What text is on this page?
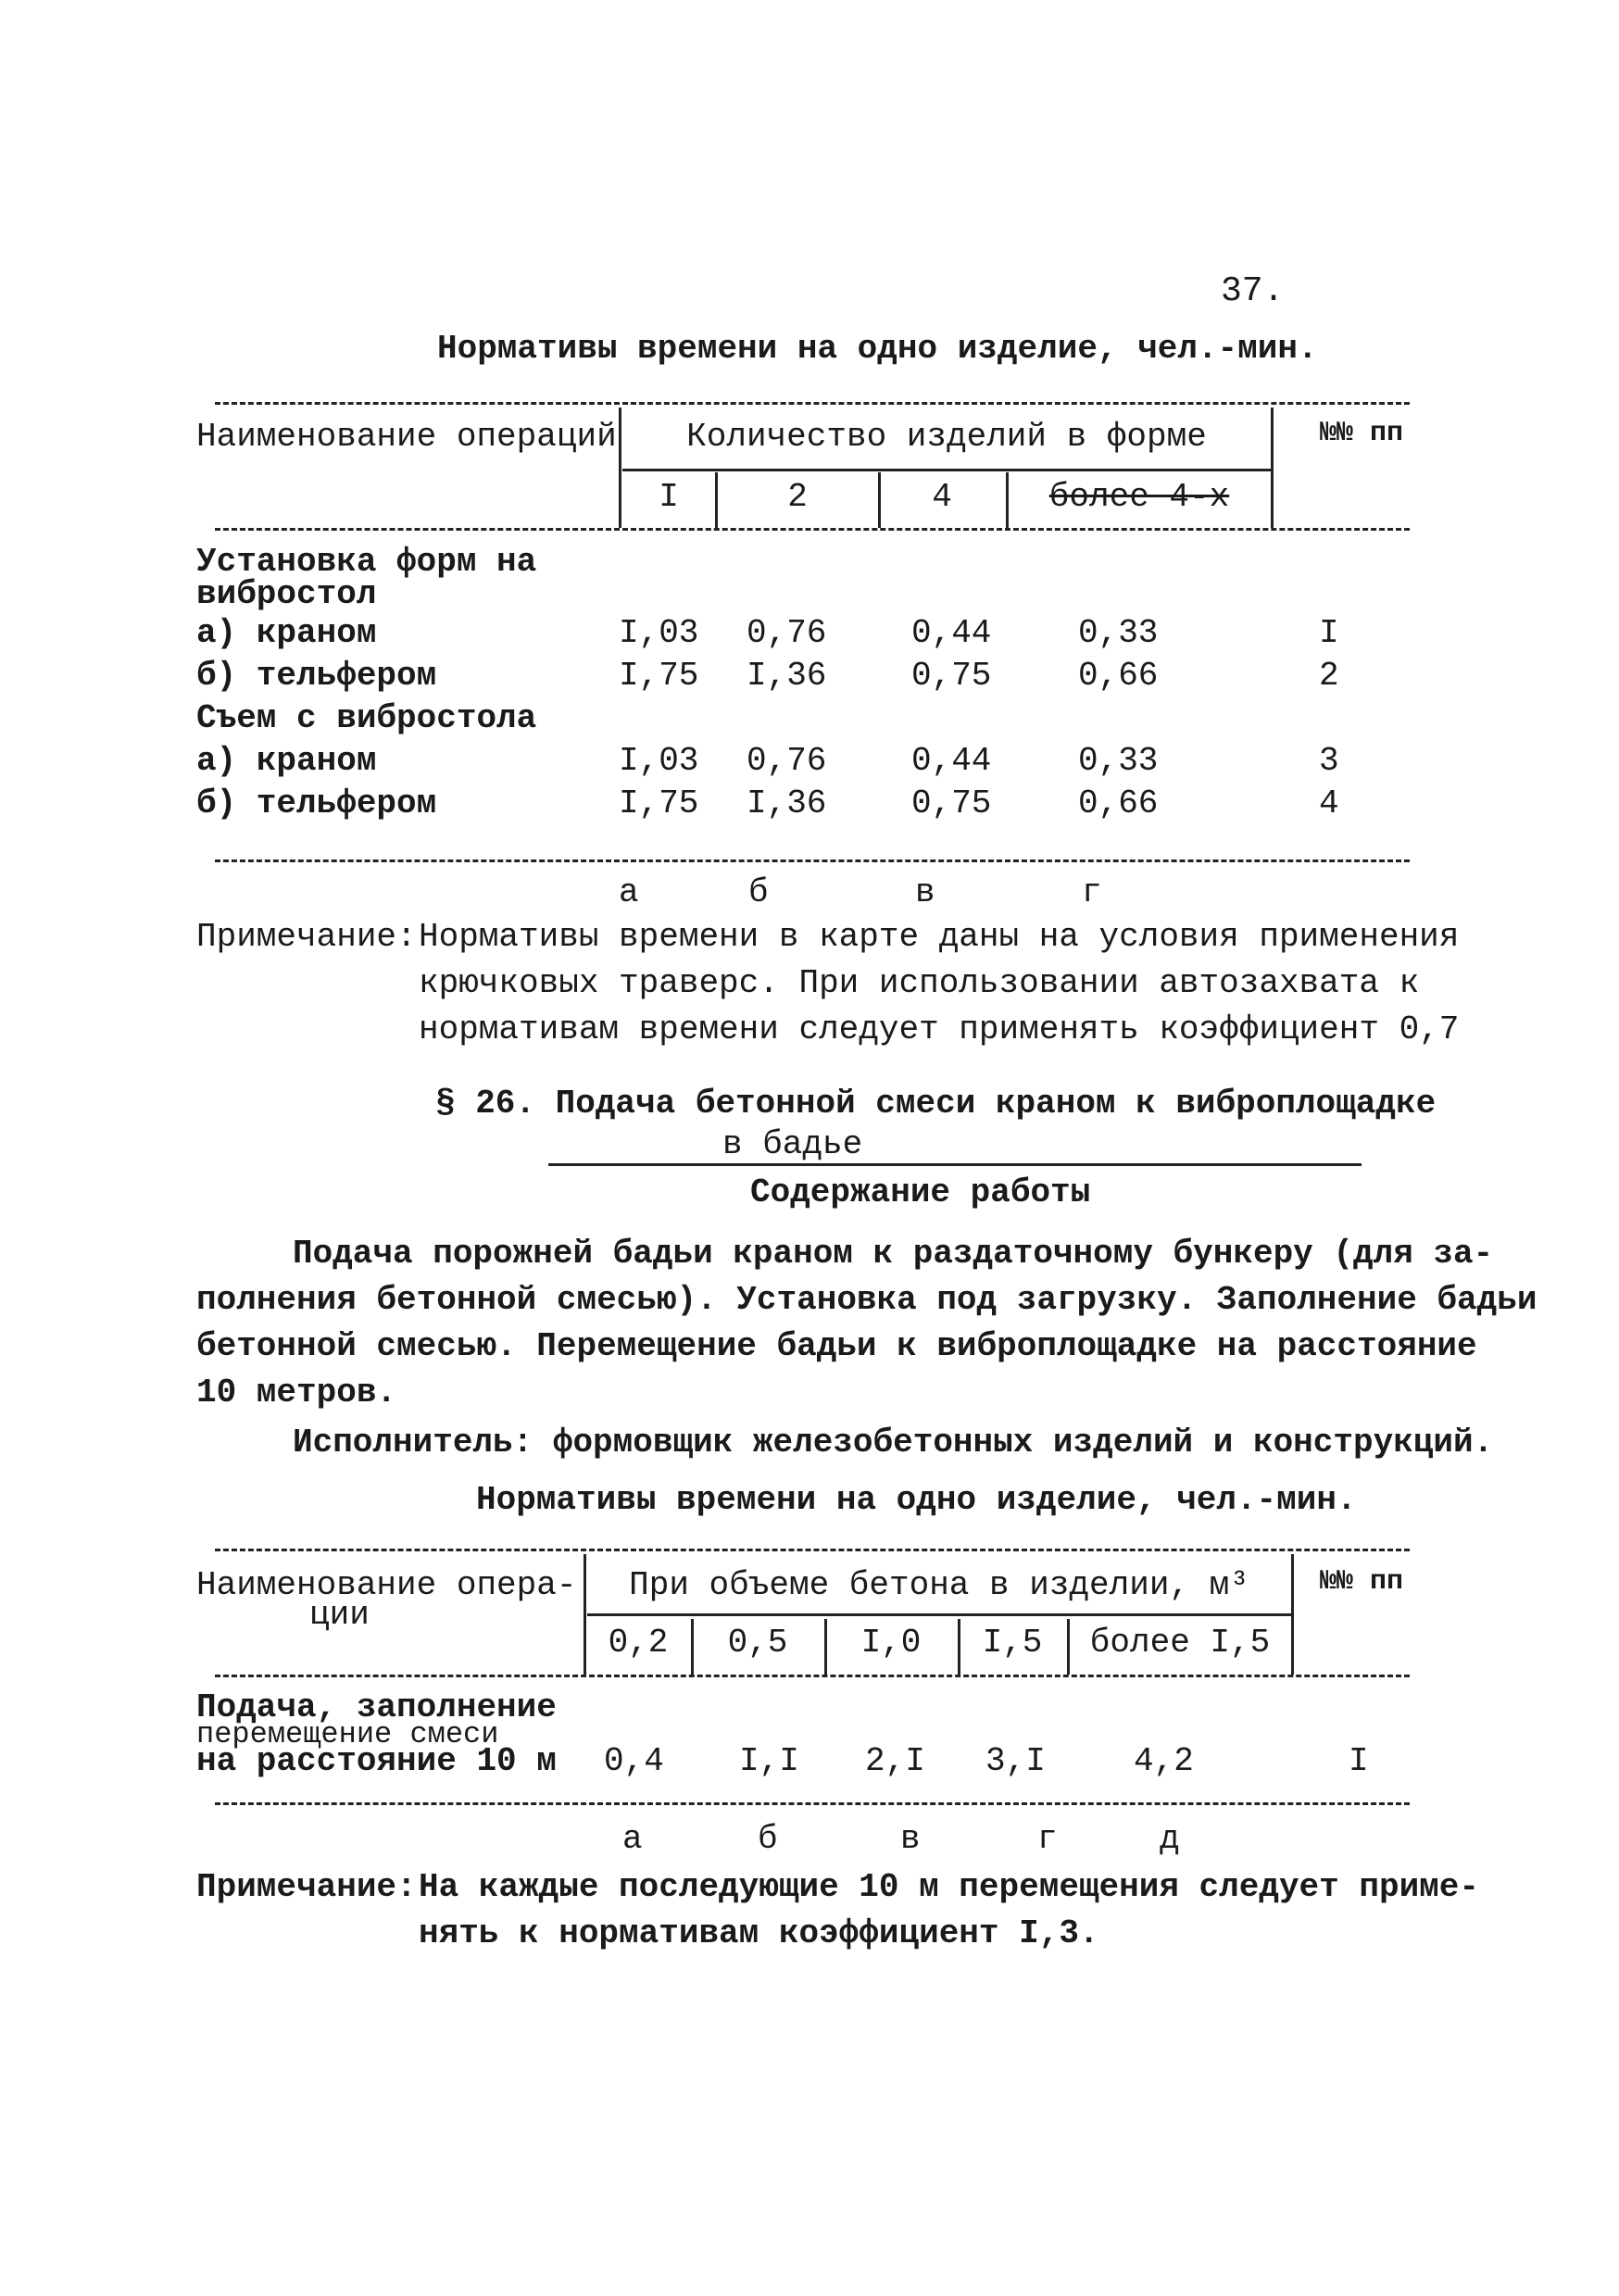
37.
Нормативы времени на одно изделие, чел.-мин.
Наименование операций	Количество изделий в форме	№№ пп
I	2	4	более 4-х
Установка форм на
вибростол
а) краном	I,03 0,76	0,44	0,33	I
б) тельфером	I,75 I,36	0,75	0,66	2
Съем с вибростола
а) краном	I,03 0,76	0,44	0,33	3
б) тельфером	I,75 I,36	0,75	0,66	4
а	б	в	г
Примечание: Нормативы времени в карте даны на условия применения
крючковых траверс. При использовании автозахвата к
нормативам времени следует применять коэффициент 0,7
§ 26. Подача бетонной смеси краном к виброплощадке
в бадье
Содержание работы
Подача порожней бадьи краном к раздаточному бункеру (для за-
полнения бетонной смесью). Установка под загрузку. Заполнение бадьи
бетонной смесью. Перемещение бадьи к виброплощадке на расстояние
10 метров.
Исполнитель: формовщик железобетонных изделий и конструкций.
Нормативы времени на одно изделие, чел.-мин.
Наименование опера-
ции
При объеме бетона в изделии, м³	№№ пп
0,2	0,5	I,0	I,5	более I,5
Подача, заполнение
перемещение смеси
на расстояние 10 м 0,4 I,I 2,I 3,I	4,2	I
а	б	в	г	д
Примечание: На каждые последующие 10 м перемещения следует приме-
нять к нормативам коэффициент I,3.
